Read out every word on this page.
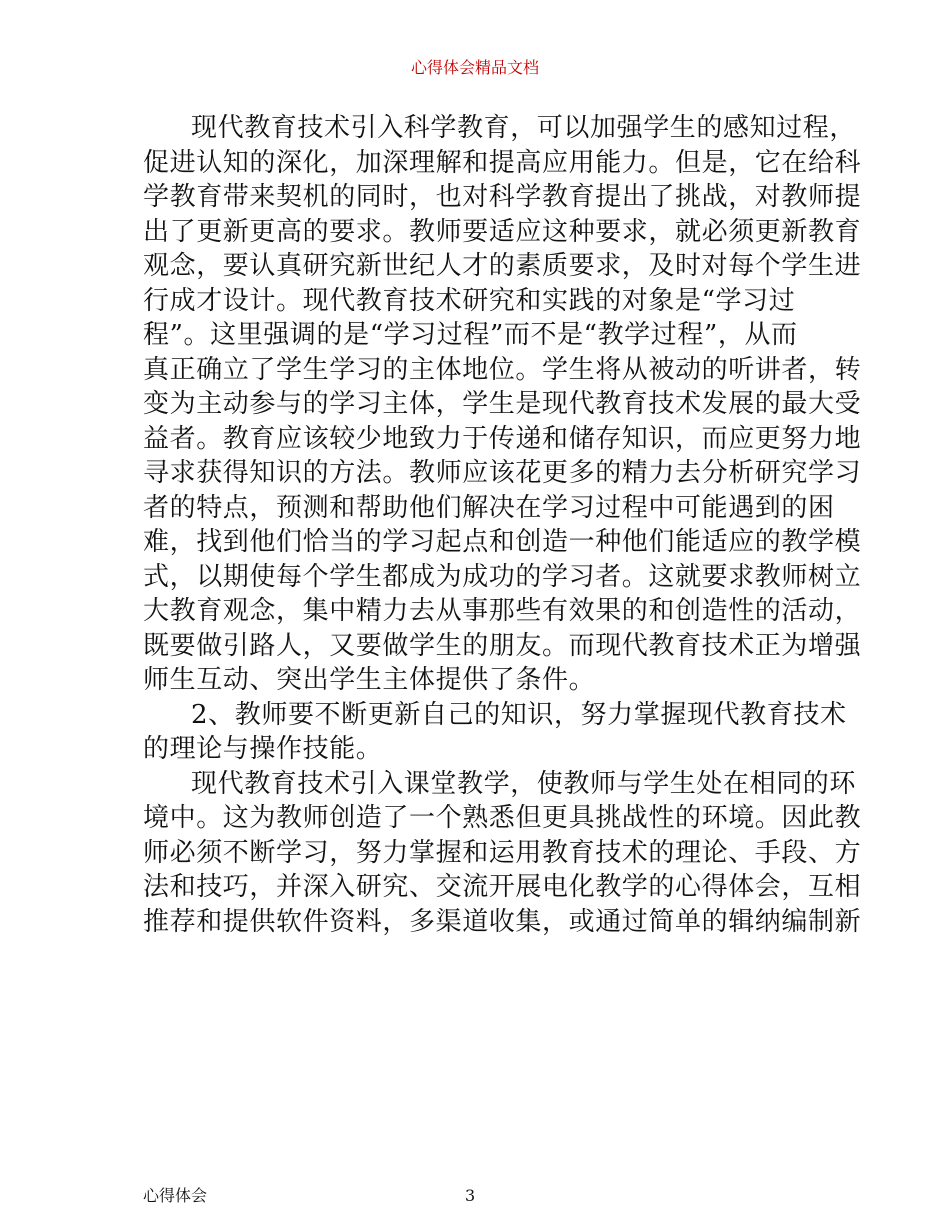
心得体会精品文档

现代教育技术引入科学教育，可以加强学生的感知过程，
促进认知的深化，加深理解和提高应用能力。但是，它在给科
学教育带来契机的同时，也对科学教育提出了挑战，对教师提
出了更新更高的要求。教师要适应这种要求，就必须更新教育
观念，要认真研究新世纪人才的素质要求，及时对每个学生进
行成才设计。现代教育技术研究和实践的对象是“学习过
程”。这里强调的是“学习过程”而不是“教学过程”，从而
真正确立了学生学习的主体地位。学生将从被动的听讲者，转
变为主动参与的学习主体，学生是现代教育技术发展的最大受
益者。教育应该较少地致力于传递和储存知识，而应更努力地
寻求获得知识的方法。教师应该花更多的精力去分析研究学习
者的特点，预测和帮助他们解决在学习过程中可能遇到的困
难，找到他们恰当的学习起点和创造一种他们能适应的教学模
式，以期使每个学生都成为成功的学习者。这就要求教师树立
大教育观念，集中精力去从事那些有效果的和创造性的活动，
既要做引路人，又要做学生的朋友。而现代教育技术正为增强
师生互动、突出学生主体提供了条件。

2、教师要不断更新自己的知识，努力掌握现代教育技术
的理论与操作技能。

现代教育技术引入课堂教学，使教师与学生处在相同的环
境中。这为教师创造了一个熟悉但更具挑战性的环境。因此教
师必须不断学习，努力掌握和运用教育技术的理论、手段、方
法和技巧，并深入研究、交流开展电化教学的心得体会，互相
推荐和提供软件资料，多渠道收集，或通过简单的辑纳编制新

心得体会	3
